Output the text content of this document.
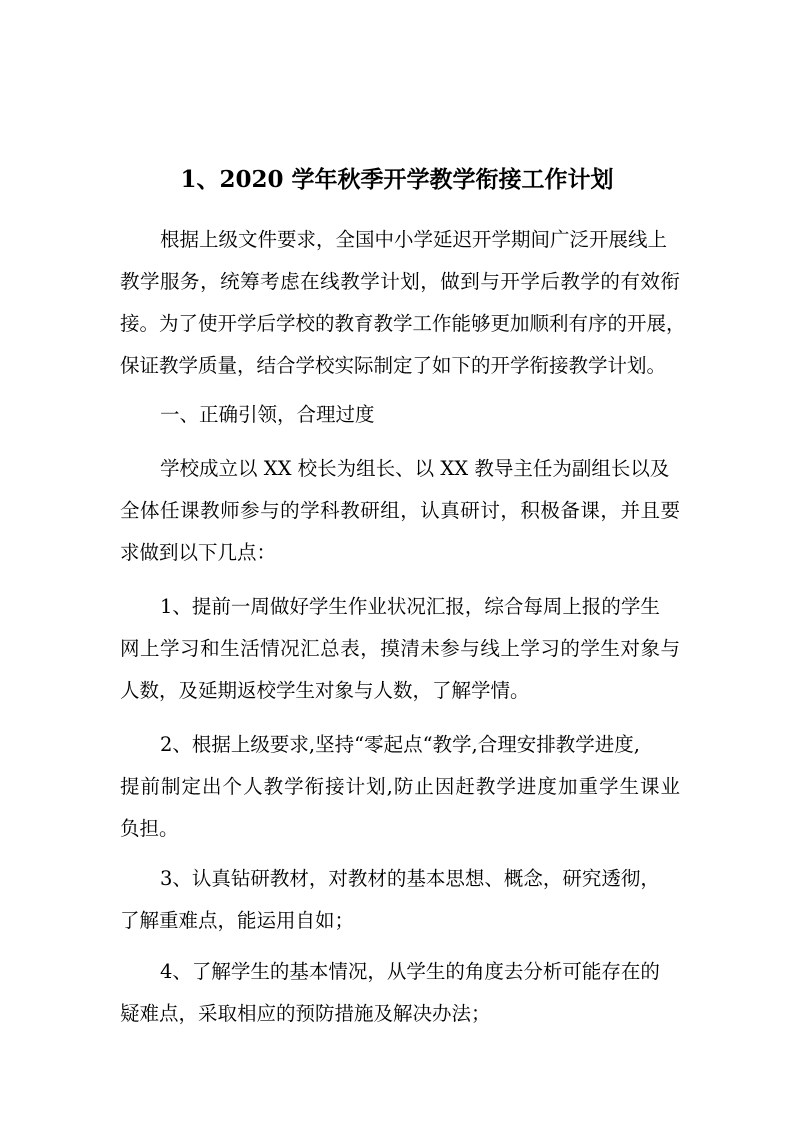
1、2020 学年秋季开学教学衔接工作计划
根据上级文件要求，全国中小学延迟开学期间广泛开展线上
教学服务，统筹考虑在线教学计划，做到与开学后教学的有效衔
接。为了使开学后学校的教育教学工作能够更加顺利有序的开展，
保证教学质量，结合学校实际制定了如下的开学衔接教学计划。
一、正确引领，合理过度
学校成立以 XX 校长为组长、以 XX 教导主任为副组长以及
全体任课教师参与的学科教研组，认真研讨，积极备课，并且要
求做到以下几点：
1、提前一周做好学生作业状况汇报，综合每周上报的学生
网上学习和生活情况汇总表，摸清未参与线上学习的学生对象与
人数，及延期返校学生对象与人数，了解学情。
2、根据上级要求,坚持“零起点“教学,合理安排教学进度,
提前制定出个人教学衔接计划,防止因赶教学进度加重学生课业
负担。
3、认真钻研教材，对教材的基本思想、概念，研究透彻，
了解重难点，能运用自如；
4、了解学生的基本情况，从学生的角度去分析可能存在的
疑难点，采取相应的预防措施及解决办法；
